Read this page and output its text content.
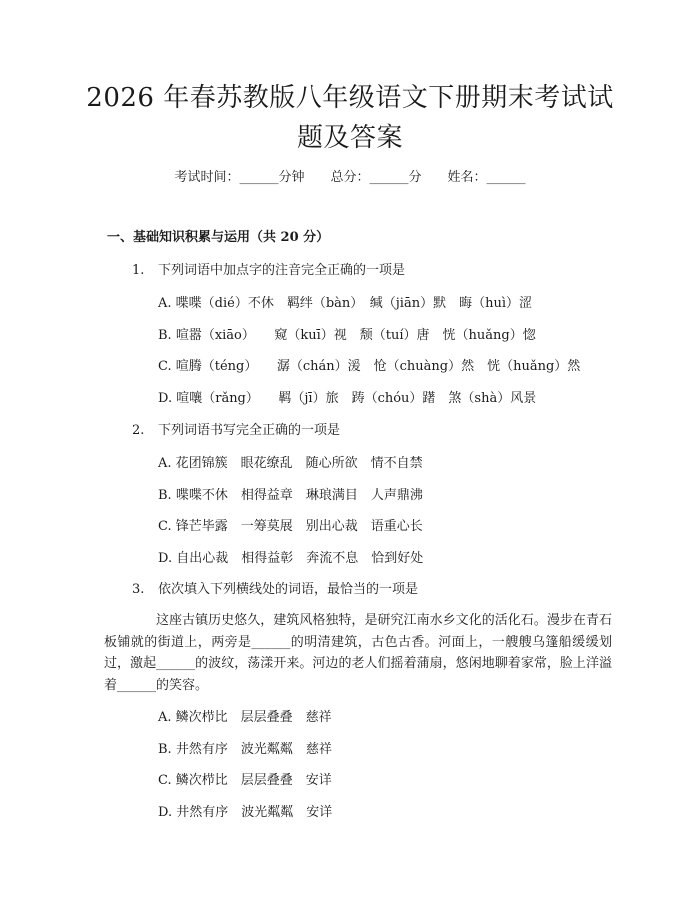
2026 年春苏教版八年级语文下册期末考试试
题及答案
考试时间：______分钟 总分：______分 姓名：______
一、基础知识积累与运用（共 20 分）
1. 下列词语中加点字的注音完全正确的一项是
A. 喋喋（dié）不休　羁绊（bàn）　缄（jiān）默　晦（huì）涩
B. 喧嚣（xiāo）　　窥（kuī）视　颓（tuí）唐　恍（huǎng）惚
C. 喧腾（téng）　　潺（chán）湲　怆（chuàng）然　恍（huǎng）然
D. 喧嚷（rǎng）　　羁（jī）旅　踌（chóu）躇　煞（shà）风景
2. 下列词语书写完全正确的一项是
A. 花团锦簇　眼花缭乱　随心所欲　情不自禁
B. 喋喋不休　相得益章　琳琅满目　人声鼎沸
C. 锋芒毕露　一筹莫展　别出心裁　语重心长
D. 自出心裁　相得益彰　奔流不息　恰到好处
3. 依次填入下列横线处的词语，最恰当的一项是
这座古镇历史悠久，建筑风格独特，是研究江南水乡文化的活化石。漫步在青石板铺就的街道上，两旁是______的明清建筑，古色古香。河面上，一艘艘乌篷船缓缓划过，激起______的波纹，荡漾开来。河边的老人们摇着蒲扇，悠闲地聊着家常，脸上洋溢着______的笑容。
A. 鳞次栉比　层层叠叠　慈祥
B. 井然有序　波光粼粼　慈祥
C. 鳞次栉比　层层叠叠　安详
D. 井然有序　波光粼粼　安详
